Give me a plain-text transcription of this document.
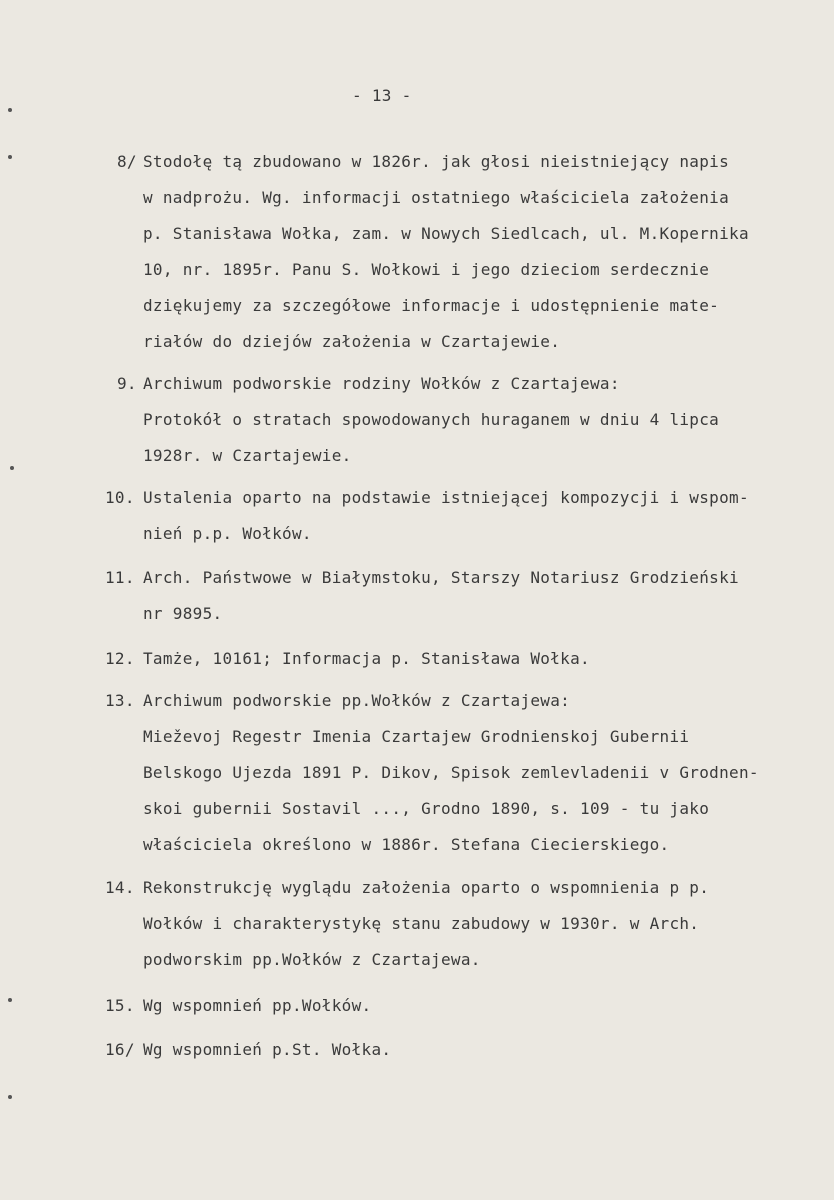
- 13 -
8/ Stodołę tą zbudowano w 1826r. jak głosi nieistniejący napis
w nadprożu. Wg. informacji ostatniego właściciela założenia
p. Stanisława Wołka, zam. w Nowych Siedlcach, ul. M.Kopernika
10, nr. 1895r. Panu S. Wołkowi i jego dzieciom serdecznie
dziękujemy za szczegółowe informacje i udostępnienie mate-
riałów do dziejów założenia w Czartajewie.
9. Archiwum podworskie rodziny Wołków z Czartajewa:
Protokół o stratach spowodowanych huraganem w dniu 4 lipca
1928r. w Czartajewie.
10. Ustalenia oparto na podstawie istniejącej kompozycji i wspom-
nień p.p. Wołków.
11. Arch. Państwowe w Białymstoku, Starszy Notariusz Grodzieński
nr 9895.
12. Tamże, 10161; Informacja p. Stanisława Wołka.
13. Archiwum podworskie pp.Wołków z Czartajewa:
Mieževoj Regestr Imenia Czartajew Grodnienskoj Gubernii
Belskogo Ujezda 1891 P. Dikov, Spisok zemlevladenii v Grodnen-
skoi gubernii Sostavil ..., Grodno 1890, s. 109 - tu jako
właściciela określono w 1886r. Stefana Ciecierskiego.
14. Rekonstrukcję wyglądu założenia oparto o wspomnienia p p.
Wołków i charakterystykę stanu zabudowy w 1930r. w Arch.
podworskim pp.Wołków z Czartajewa.
15. Wg wspomnień pp.Wołków.
16/ Wg wspomnień p.St. Wołka.
